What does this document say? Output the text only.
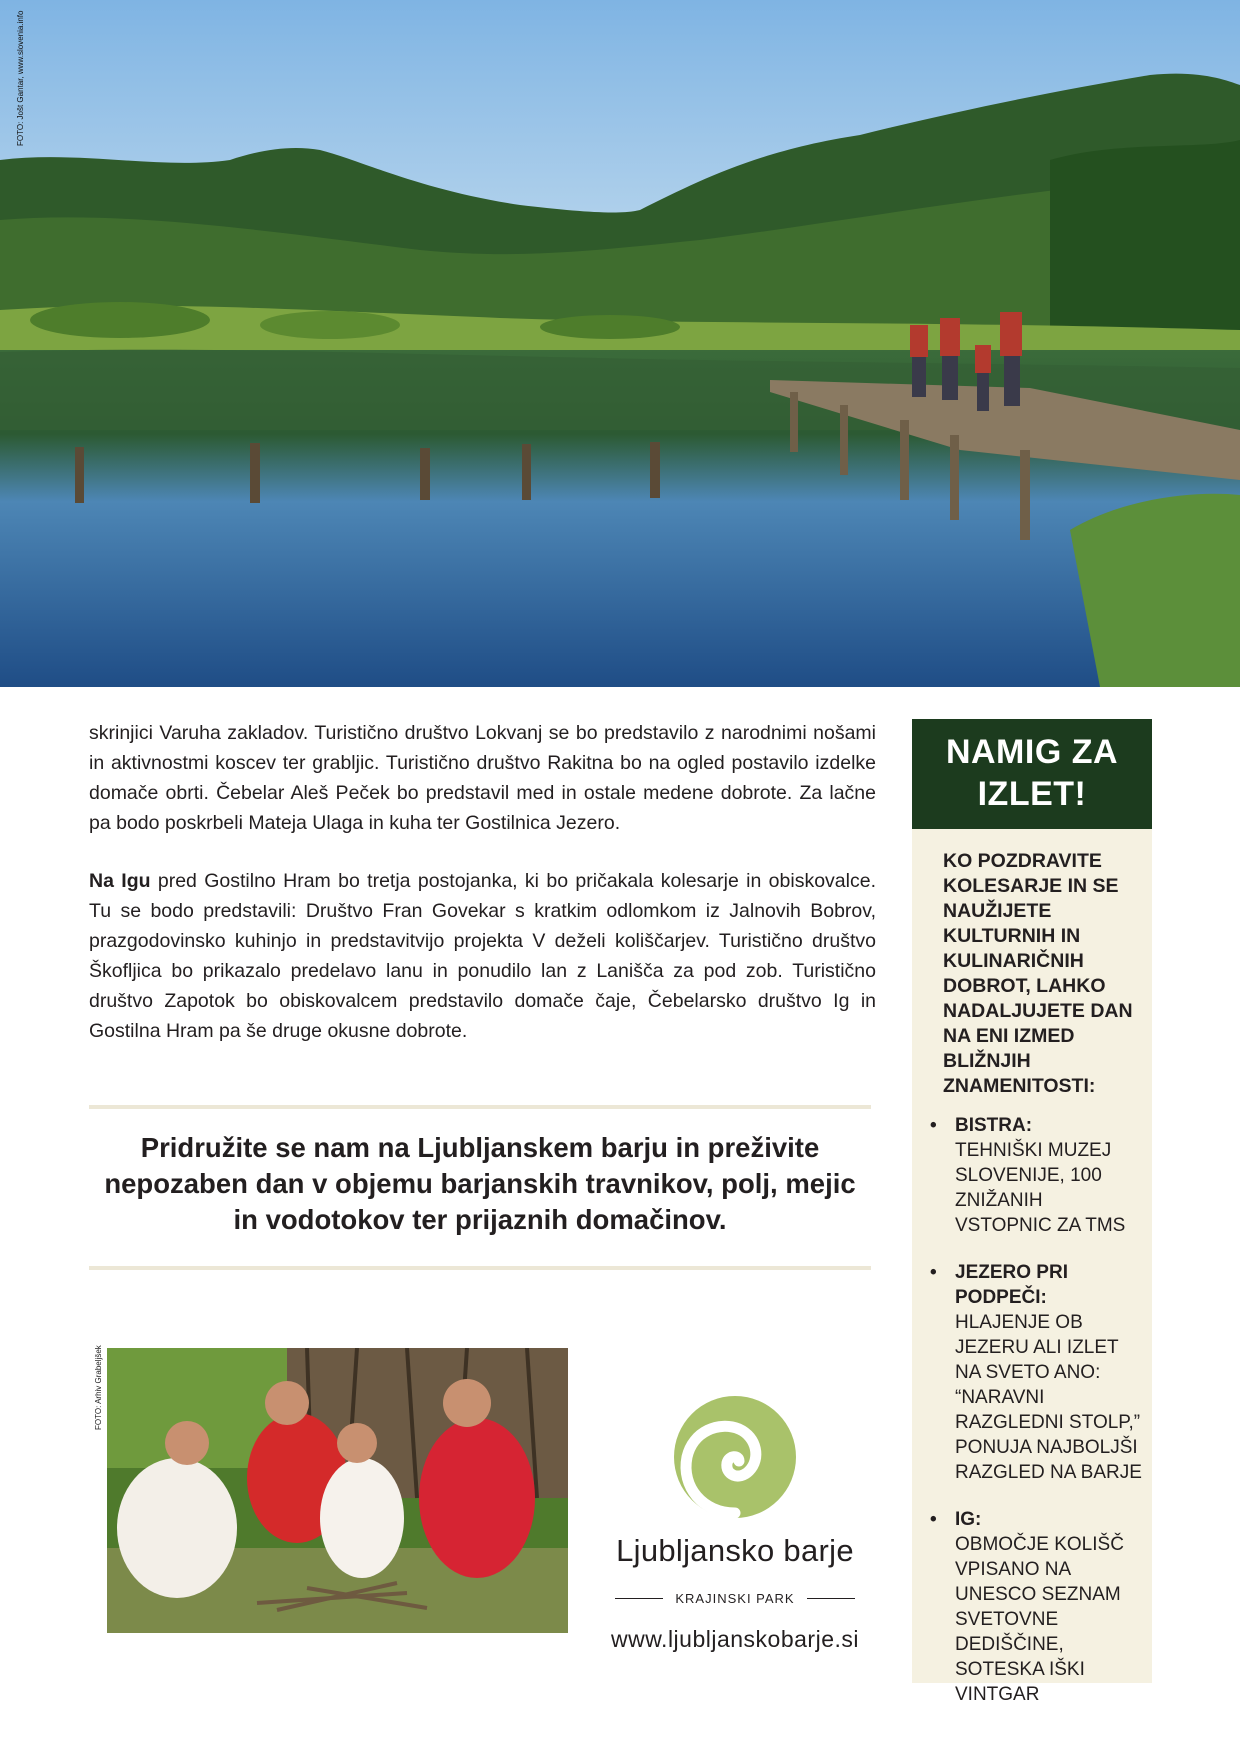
FOTO: Jošt Gantar, www.slovenia.info
skrinjici Varuha zakladov. Turistično društvo Lokvanj se bo predstavilo z narodnimi nošami in aktivnostmi koscev ter grabljic. Turistično društvo Rakitna bo na ogled postavilo izdelke domače obrti. Čebelar Aleš Peček bo predstavil med in ostale medene dobrote. Za lačne pa bodo poskrbeli Mateja Ulaga in kuha ter Gostilnica Jezero.
Na Igu pred Gostilno Hram bo tretja postojanka, ki bo pričakala kolesarje in obiskovalce. Tu se bodo predstavili: Društvo Fran Govekar s kratkim odlomkom iz Jalnovih Bobrov, prazgodovinsko kuhinjo in predstavitvijo projekta V deželi koliščarjev. Turistično društvo Škofljica bo prikazalo predelavo lanu in ponudilo lan z Lanišča za pod zob. Turistično društvo Zapotok bo obiskovalcem predstavilo domače čaje, Čebelarsko društvo Ig in Gostilna Hram pa še druge okusne dobrote.
Pridružite se nam na Ljubljanskem barju in preživite nepozaben dan v objemu barjanskih travnikov, polj, mejic in vodotokov ter prijaznih domačinov.
FOTO: Arhiv Grabeljšek
Ljubljansko barje
KRAJINSKI PARK
www.ljubljanskobarje.si
NAMIG ZA
IZLET!
KO POZDRAVITE KOLESARJE IN SE NAUŽIJETE KULTURNIH IN KULINARIČNIH DOBROT, LAHKO NADALJUJETE DAN NA ENI IZMED BLIŽNJIH ZNAMENITOSTI:
• BISTRA:
TEHNIŠKI MUZEJ SLOVENIJE, 100 ZNIŽANIH VSTOPNIC ZA TMS
• JEZERO PRI PODPEČI:
HLAJENJE OB JEZERU ALI IZLET NA SVETO ANO: “NARAVNI RAZGLEDNI STOLP,” PONUJA NAJBOLJŠI RAZGLED NA BARJE
• IG:
OBMOČJE KOLIŠČ VPISANO NA UNESCO SEZNAM SVETOVNE DEDIŠČINE, SOTESKA IŠKI VINTGAR
